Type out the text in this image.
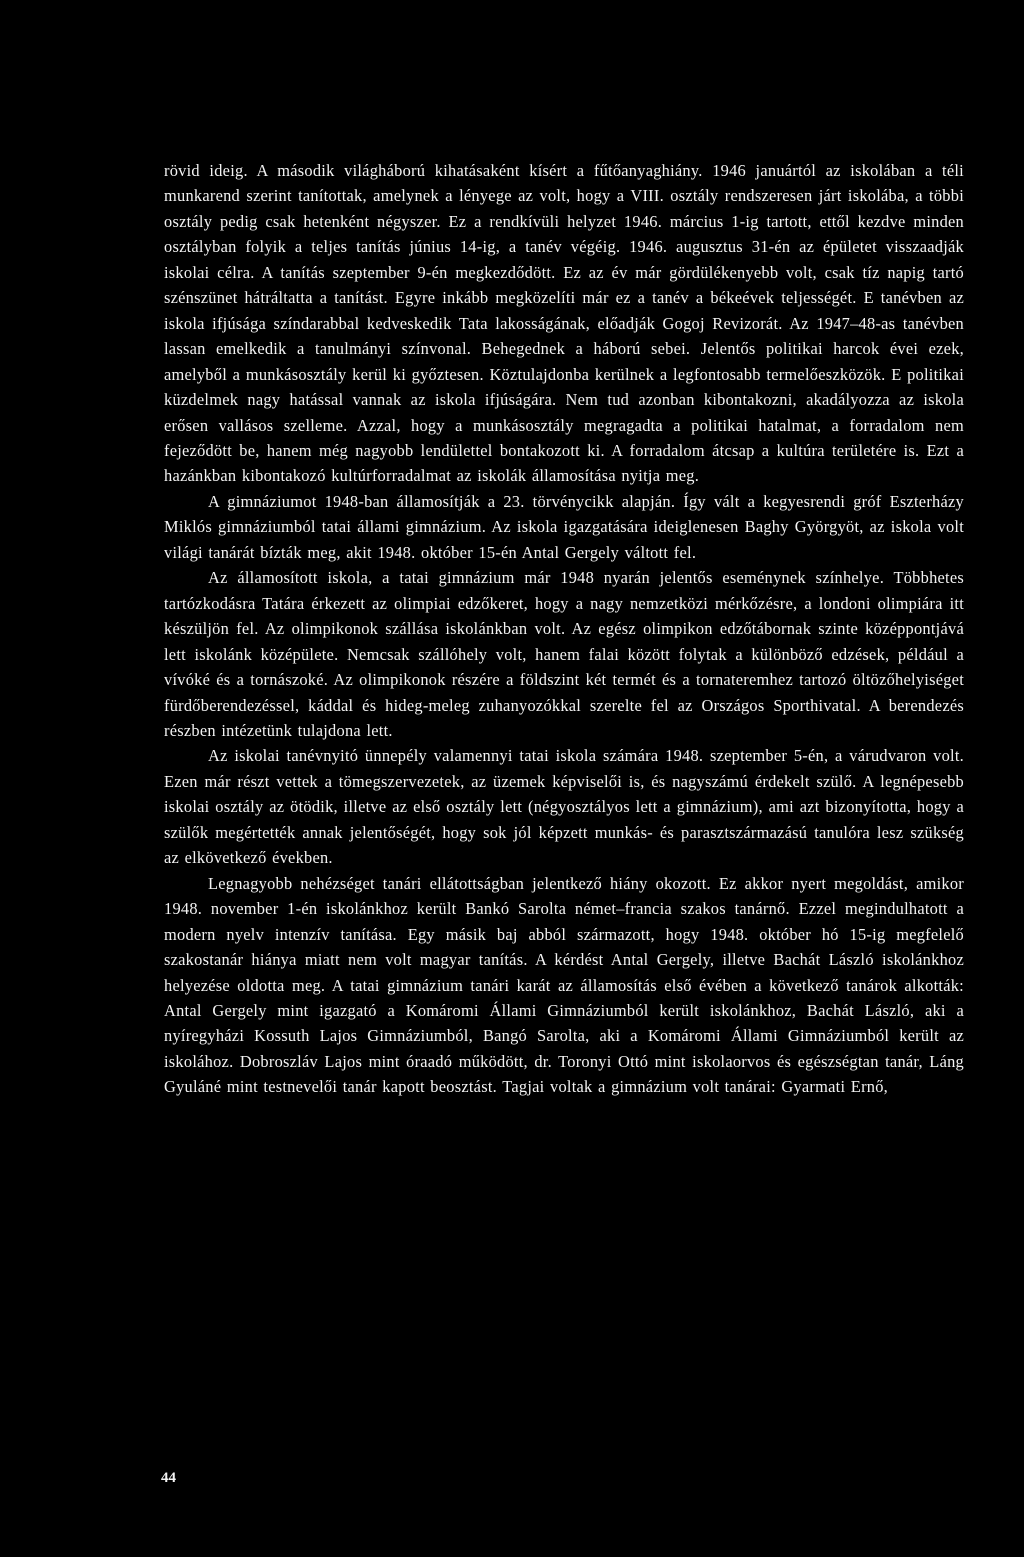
rövid ideig. A második világháború kihatásaként kísért a fűtőanyaghiány. 1946 januártól az iskolában a téli munkarend szerint tanítottak, amelynek a lényege az volt, hogy a VIII. osztály rendszeresen járt iskolába, a többi osztály pedig csak hetenként négyszer. Ez a rendkívüli helyzet 1946. március 1-ig tartott, ettől kezdve minden osztályban folyik a teljes tanítás június 14-ig, a tanév végéig. 1946. augusztus 31-én az épületet visszaadják iskolai célra. A tanítás szeptember 9-én megkezdődött. Ez az év már gördülékenyebb volt, csak tíz napig tartó szénszünet hátráltatta a tanítást. Egyre inkább megközelíti már ez a tanév a békeévek teljességét. E tanévben az iskola ifjúsága színdarabbal kedveskedik Tata lakosságának, előadják Gogoj Revizorát. Az 1947–48-as tanévben lassan emelkedik a tanulmányi színvonal. Behegednek a háború sebei. Jelentős politikai harcok évei ezek, amelyből a munkásosztály kerül ki győztesen. Köztulajdonba kerülnek a legfontosabb termelőeszközök. E politikai küzdelmek nagy hatással vannak az iskola ifjúságára. Nem tud azonban kibontakozni, akadályozza az iskola erősen vallásos szelleme. Azzal, hogy a munkásosztály megragadta a politikai hatalmat, a forradalom nem fejeződött be, hanem még nagyobb lendülettel bontakozott ki. A forradalom átcsap a kultúra területére is. Ezt a hazánkban kibontakozó kultúrforradalmat az iskolák államosítása nyitja meg.

A gimnáziumot 1948-ban államosítják a 23. törvénycikk alapján. Így vált a kegyesrendi gróf Eszterházy Miklós gimnáziumból tatai állami gimnázium. Az iskola igazgatására ideiglenesen Baghy Györgyöt, az iskola volt világi tanárát bízták meg, akit 1948. október 15-én Antal Gergely váltott fel.

Az államosított iskola, a tatai gimnázium már 1948 nyarán jelentős eseménynek színhelye. Többhetes tartózkodásra Tatára érkezett az olimpiai edzőkeret, hogy a nagy nemzetközi mérkőzésre, a londoni olimpiára itt készüljön fel. Az olimpikonok szállása iskolánkban volt. Az egész olimpikon edzőtábornak szinte középpontjává lett iskolánk középülete. Nemcsak szállóhely volt, hanem falai között folytak a különböző edzések, például a vívóké és a tornászoké. Az olimpikonok részére a földszint két termét és a tornateremhez tartozó öltözőhelyiséget fürdőberendezéssel, káddal és hideg-meleg zuhanyozókkal szerelte fel az Országos Sporthivatal. A berendezés részben intézetünk tulajdona lett.

Az iskolai tanévnyitó ünnepély valamennyi tatai iskola számára 1948. szeptember 5-én, a várudvaron volt. Ezen már részt vettek a tömegszervezetek, az üzemek képviselői is, és nagyszámú érdekelt szülő. A legnépesebb iskolai osztály az ötödik, illetve az első osztály lett (négyosztályos lett a gimnázium), ami azt bizonyította, hogy a szülők megértették annak jelentőségét, hogy sok jól képzett munkás- és parasztszármazású tanulóra lesz szükség az elkövetkező években.

Legnagyobb nehézséget tanári ellátottságban jelentkező hiány okozott. Ez akkor nyert megoldást, amikor 1948. november 1-én iskolánkhoz került Bankó Sarolta német–francia szakos tanárnő. Ezzel megindulhatott a modern nyelv intenzív tanítása. Egy másik baj abból származott, hogy 1948. október hó 15-ig megfelelő szakostanár hiánya miatt nem volt magyar tanítás. A kérdést Antal Gergely, illetve Bachát László iskolánkhoz helyezése oldotta meg. A tatai gimnázium tanári karát az államosítás első évében a következő tanárok alkották: Antal Gergely mint igazgató a Komáromi Állami Gimnáziumból került iskolánkhoz, Bachát László, aki a nyíregyházi Kossuth Lajos Gimnáziumból, Bangó Sarolta, aki a Komáromi Állami Gimnáziumból került az iskolához. Dobroszláv Lajos mint óraadó működött, dr. Toronyi Ottó mint iskolaorvos és egészségtan tanár, Láng Gyuláné mint testnevelői tanár kapott beosztást. Tagjai voltak a gimnázium volt tanárai: Gyarmati Ernő,

44
